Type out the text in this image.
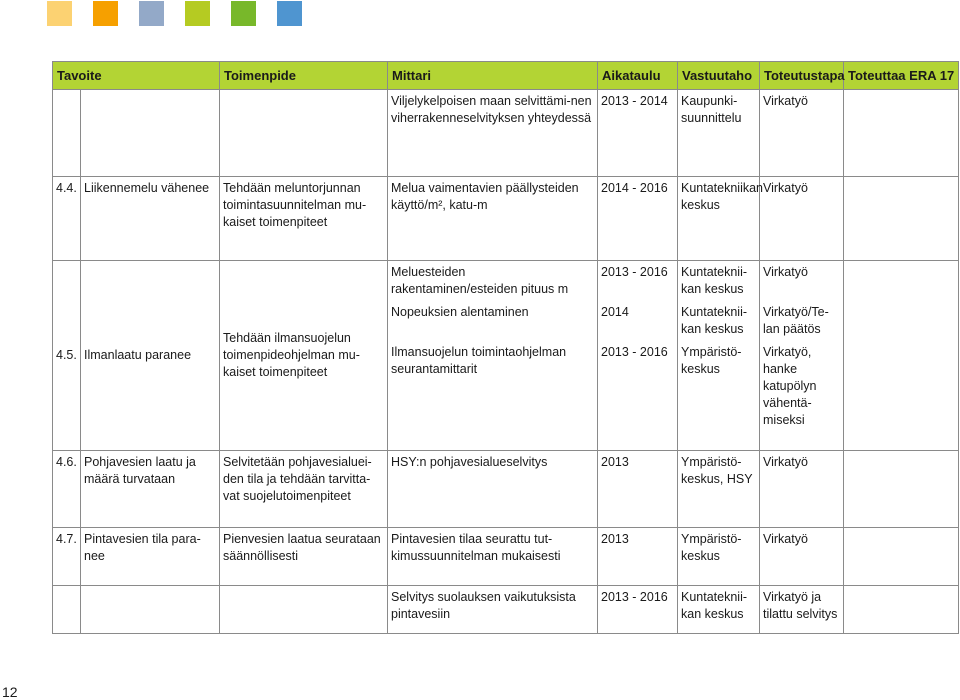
Tavoite		Toimenpide	Mittari	Aikataulu	Vastuutaho	Toteutustapa	Toteuttaa ERA 17
			Viljelykelpoisen maan selvittämi-nen viherrakenneselvityksen yhteydessä	2013 - 2014	Kaupunki-suunnittelu	Virkatyö	
4.4.	Liikennemelu vähenee	Tehdään meluntorjunnan toimintasuunnitelman mu-kaiset toimenpiteet	Melua vaimentavien päällysteiden käyttö/m², katu-m	2014 - 2016	Kuntatekniikan keskus	Virkatyö	
4.5.	Ilmanlaatu paranee	Tehdään ilmansuojelun toimenpideohjelman mu-kaiset toimenpiteet	Meluesteiden rakentaminen/esteiden pituus m	2013 - 2016	Kuntateknii-kan keskus	Virkatyö	
			Nopeuksien alentaminen	2014	Kuntateknii-kan keskus	Virkatyö/Te-lan päätös	
			Ilmansuojelun toimintaohjelman seurantamittarit	2013 - 2016	Ympäristö-keskus	Virkatyö, hanke katupölyn vähentä-miseksi	
4.6.	Pohjavesien laatu ja määrä turvataan	Selvitetään pohjavesialuei-den tila ja tehdään tarvitta-vat suojelutoimenpiteet	HSY:n pohjavesialueselvitys	2013	Ympäristö-keskus, HSY	Virkatyö	
4.7.	Pintavesien tila para-nee	Pienvesien laatua seurataan säännöllisesti	Pintavesien tilaa seurattu tut-kimussuunnitelman mukaisesti	2013	Ympäristö-keskus	Virkatyö	
			Selvitys suolauksen vaikutuksista pintavesiin	2013 - 2016	Kuntateknii-kan keskus	Virkatyö ja tilattu selvitys	
12
